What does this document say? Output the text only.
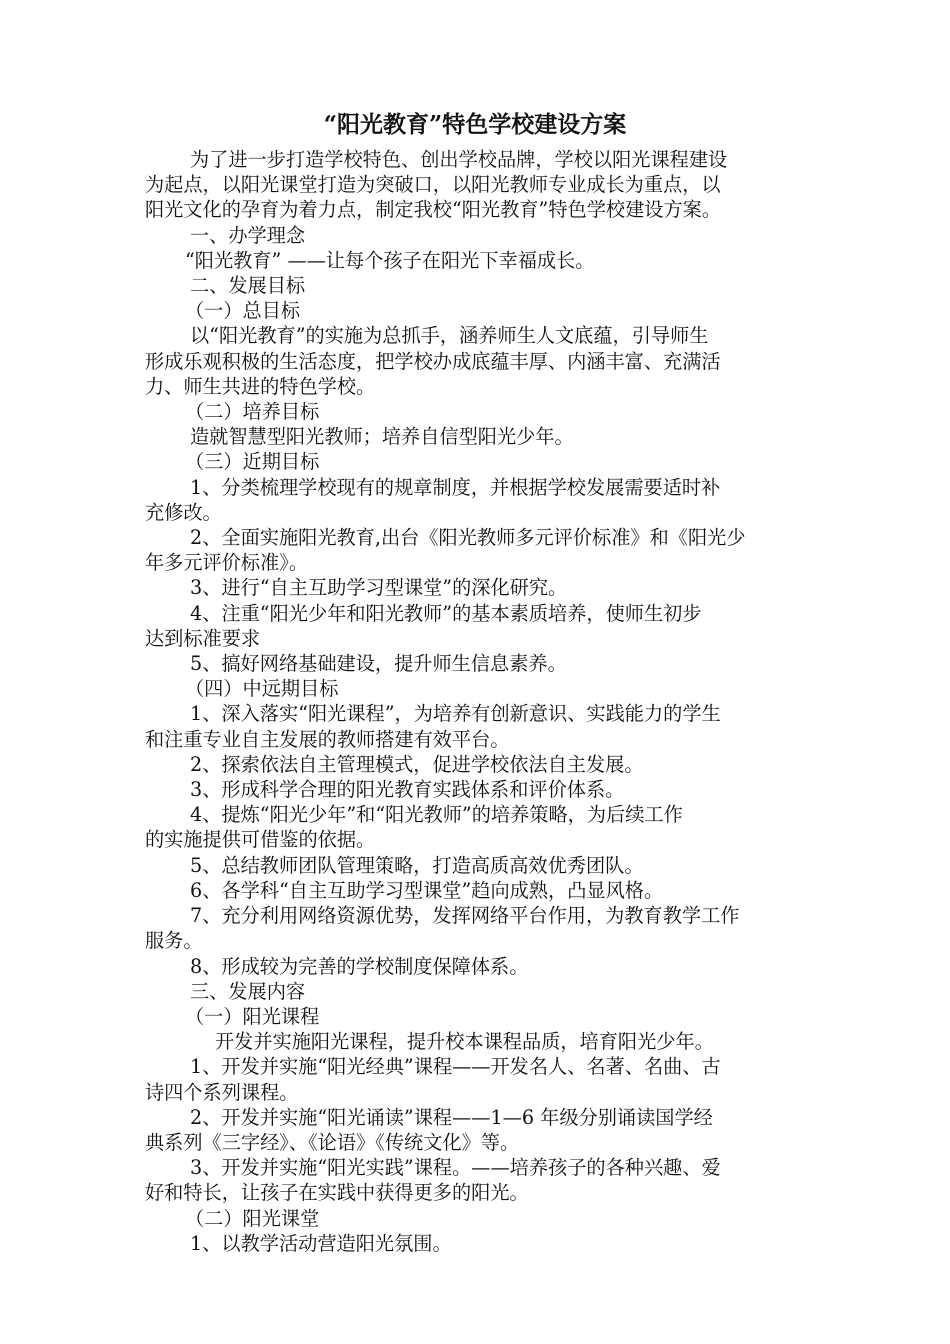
“阳光教育”特色学校建设方案

为了进一步打造学校特色、创出学校品牌，学校以阳光课程建设

为起点，以阳光课堂打造为突破口，以阳光教师专业成长为重点，以

阳光文化的孕育为着力点，制定我校“阳光教育”特色学校建设方案。

一、办学理念

“阳光教育” ——让每个孩子在阳光下幸福成长。

二、发展目标

（一）总目标

以“阳光教育”的实施为总抓手，涵养师生人文底蕴，引导师生

形成乐观积极的生活态度，把学校办成底蕴丰厚、内涵丰富、充满活

力、师生共进的特色学校。

（二）培养目标

造就智慧型阳光教师；培养自信型阳光少年。

（三）近期目标

1、分类梳理学校现有的规章制度，并根据学校发展需要适时补

充修改。

2、全面实施阳光教育,出台《阳光教师多元评价标准》和《阳光少

年多元评价标准》。

3、进行“自主互助学习型课堂”的深化研究。

4、注重“阳光少年和阳光教师”的基本素质培养，使师生初步

达到标准要求

5、搞好网络基础建设，提升师生信息素养。

（四）中远期目标

1、深入落实“阳光课程”，为培养有创新意识、实践能力的学生

和注重专业自主发展的教师搭建有效平台。

2、探索依法自主管理模式，促进学校依法自主发展。

3、形成科学合理的阳光教育实践体系和评价体系。

4、提炼“阳光少年”和“阳光教师”的培养策略，为后续工作

的实施提供可借鉴的依据。

5、总结教师团队管理策略，打造高质高效优秀团队。

6、各学科“自主互助学习型课堂”趋向成熟，凸显风格。

7、充分利用网络资源优势，发挥网络平台作用，为教育教学工作

服务。

8、形成较为完善的学校制度保障体系。

三、发展内容

（一）阳光课程

开发并实施阳光课程，提升校本课程品质，培育阳光少年。

1、开发并实施“阳光经典”课程——开发名人、名著、名曲、古

诗四个系列课程。

2、开发并实施“阳光诵读”课程——1—6 年级分别诵读国学经

典系列《三字经》、《论语》《传统文化》等。

3、开发并实施“阳光实践”课程。——培养孩子的各种兴趣、爱

好和特长，让孩子在实践中获得更多的阳光。

（二）阳光课堂

1、以教学活动营造阳光氛围。
